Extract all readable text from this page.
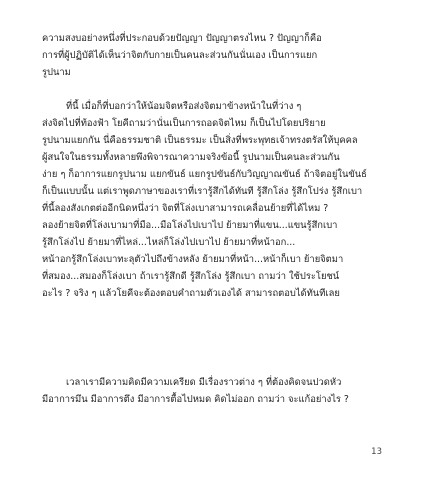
ความสงบอย่างหนึ่งที่ประกอบด้วยปัญญา ปัญญาตรงไหน ? ปัญญาก็คือ
การที่ผู้ปฏิบัติได้เห็นว่าจิตกับกายเป็นคนละส่วนกันนั่นเอง เป็นการแยก
รูปนาม

ที่นี้ เมื่อก็ที่บอกว่าให้น้อมจิตหรือส่งจิตมาข้างหน้าในที่ว่าง ๆ
ส่งจิตไปที่ท้องฟ้า โยคีถามว่านั่นเป็นการถอดจิตไหม ก็เป็นไปโดยปริยาย
รูปนามแยกกัน นี่คือธรรมชาติ เป็นธรรมะ เป็นสิ่งที่พระพุทธเจ้าทรงตรัสให้บุคคล
ผู้สนใจในธรรมทั้งหลายพึงพิจารณาความจริงข้อนี้ รูปนามเป็นคนละส่วนกัน
ง่าย ๆ ก็อาการแยกรูปนาม แยกขันธ์ แยกรูปขันธ์กับวิญญาณขันธ์ ถ้าจิตอยู่ในขันธ์
ก็เป็นแบบนั้น แต่เราพูดภาษาของเราที่เรารู้สึกได้ทันที รู้สึกโล่ง รู้สึกโปร่ง รู้สึกเบา
ที่นี้ลองสังเกตต่ออีกนิดหนึ่งว่า จิตที่โล่งเบาสามารถเคลื่อนย้ายที่ได้ไหม ?
ลองย้ายจิตที่โล่งเบามาที่มือ...มือโล่งไปเบาไป ย้ายมาที่แขน...แขนรู้สึกเบา
รู้สึกโล่งไป ย้ายมาที่ไหล่...ไหล่ก็โล่งไปเบาไป ย้ายมาที่หน้าอก...
หน้าอกรู้สึกโล่งเบาทะลุตัวไปถึงข้างหลัง ย้ายมาที่หน้า...หน้าก็เบา ย้ายจิตมา
ที่สมอง...สมองก็โล่งเบา ถ้าเรารู้สึกดี รู้สึกโล่ง รู้สึกเบา ถามว่า ใช้ประโยชน์
อะไร ? จริง ๆ แล้วโยคีจะต้องตอบคำถามตัวเองได้ สามารถตอบได้ทันทีเลย

เวลาเรามีความคิดมีความเครียด มีเรื่องราวต่าง ๆ ที่ต้องคิดจนปวดหัว
มีอาการมึน มีอาการตึง มีอาการตื้อไปหมด คิดไม่ออก ถามว่า จะแก้อย่างไร ?

13
